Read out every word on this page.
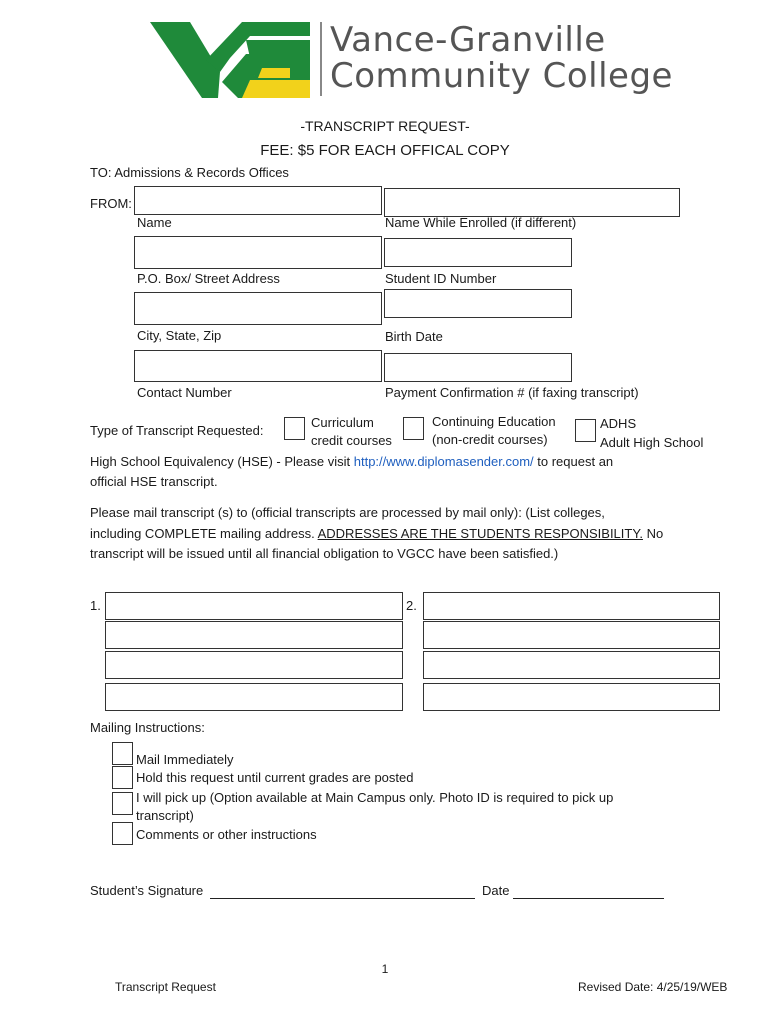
Vance-Granville
Community College
-TRANSCRIPT REQUEST-
FEE: $5 FOR EACH OFFICAL COPY
TO: Admissions & Records Offices
FROM:
Name	Name While Enrolled (if different)
P.O. Box/ Street Address	Student ID Number
City, State, Zip	Birth Date
Contact Number	Payment Confirmation # (if faxing transcript)
Type of Transcript Requested:
Curriculum
credit courses
Continuing Education
(non-credit courses)
ADHS
Adult High School
High School Equivalency (HSE) - Please visit http://www.diplomasender.com/ to request an
official HSE transcript.
Please mail transcript (s) to (official transcripts are processed by mail only): (List colleges,
including COMPLETE mailing address. ADDRESSES ARE THE STUDENTS RESPONSIBILITY. No
transcript will be issued until all financial obligation to VGCC have been satisfied.)
1.	2.
Mailing Instructions:
Mail Immediately
Hold this request until current grades are posted
I will pick up (Option available at Main Campus only. Photo ID is required to pick up
transcript)
Comments or other instructions
Student’s Signature	Date
1
Transcript Request	Revised Date: 4/25/19/WEB
